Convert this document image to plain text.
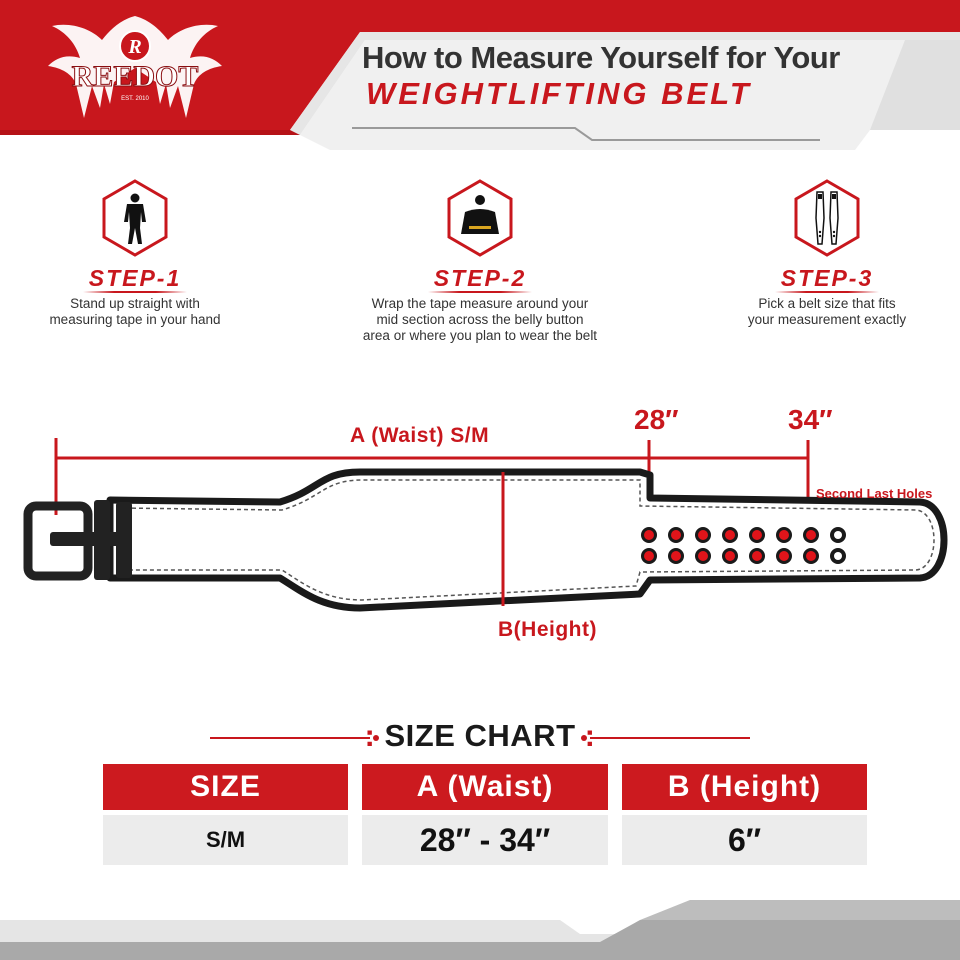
R
REEDOT
EST. 2010
How to Measure Yourself for Your
WEIGHTLIFTING BELT
STEP-1
Stand up straight with
measuring tape in your hand
STEP-2
Wrap the tape measure around your
mid section across the belly button
area or where you plan to wear the belt
STEP-3
Pick a belt size that fits
your measurement exactly
A (Waist) S/M
28″	34″
Second Last Holes
B(Height)
: SIZE CHART :
SIZE	A (Waist)	B (Height)
S/M	28″ - 34″	6″
